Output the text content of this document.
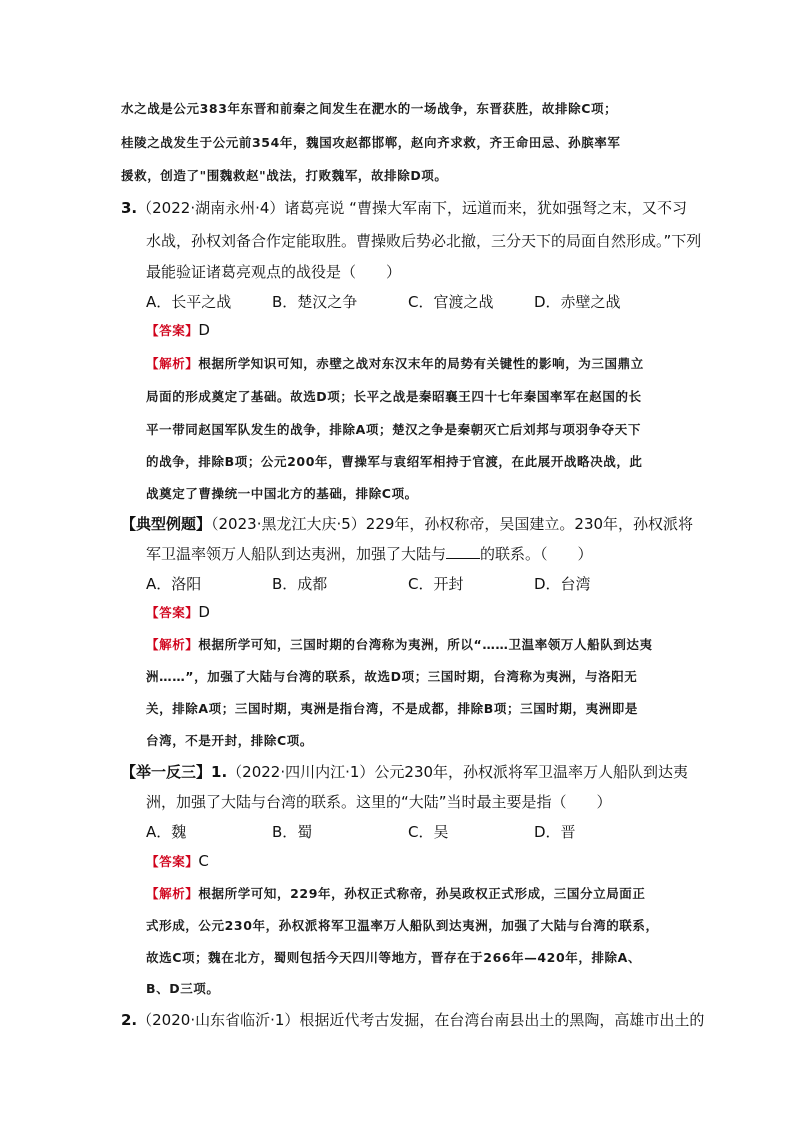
水之战是公元383年东晋和前秦之间发生在淝水的一场战争，东晋获胜，故排除C项；
桂陵之战发生于公元前354年，魏国攻赵都邯郸，赵向齐求救，齐王命田忌、孙膑率军
援救，创造了"围魏救赵"战法，打败魏军，故排除D项。
3.（2022·湖南永州·4）诸葛亮说 “曹操大军南下，远道而来，犹如强弩之末，又不习
水战，孙权刘备合作定能取胜。曹操败后势必北撤，三分天下的局面自然形成。”下列
最能验证诸葛亮观点的战役是（　　）
A．长平之战	B．楚汉之争	C．官渡之战	D．赤壁之战
【答案】D
【解析】根据所学知识可知，赤壁之战对东汉末年的局势有关键性的影响，为三国鼎立
局面的形成奠定了基础。故选D项；长平之战是秦昭襄王四十七年秦国率军在赵国的长
平一带同赵国军队发生的战争，排除A项；楚汉之争是秦朝灭亡后刘邦与项羽争夺天下
的战争，排除B项；公元200年，曹操军与袁绍军相持于官渡，在此展开战略决战，此
战奠定了曹操统一中国北方的基础，排除C项。
【典型例题】（2023·黑龙江大庆·5）229年，孙权称帝，吴国建立。230年，孙权派将
军卫温率领万人船队到达夷洲，加强了大陆与 的联系。（　　）
A．洛阳	B．成都	C．开封	D．台湾
【答案】D
【解析】根据所学可知，三国时期的台湾称为夷洲，所以“……卫温率领万人船队到达夷
洲……”，加强了大陆与台湾的联系，故选D项；三国时期，台湾称为夷洲，与洛阳无
关，排除A项；三国时期，夷洲是指台湾，不是成都，排除B项；三国时期，夷洲即是
台湾，不是开封，排除C项。
【举一反三】1.（2022·四川内江·1）公元230年，孙权派将军卫温率万人船队到达夷
洲，加强了大陆与台湾的联系。这里的“大陆”当时最主要是指（　　）
A．魏	B．蜀	C．吴	D．晋
【答案】C
【解析】根据所学可知，229年，孙权正式称帝，孙吴政权正式形成，三国分立局面正
式形成，公元230年，孙权派将军卫温率万人船队到达夷洲，加强了大陆与台湾的联系，
故选C项；魏在北方，蜀则包括今天四川等地方，晋存在于266年—420年，排除A、
B、D三项。
2.（2020·山东省临沂·1）根据近代考古发掘，在台湾台南县出土的黑陶，高雄市出土的
